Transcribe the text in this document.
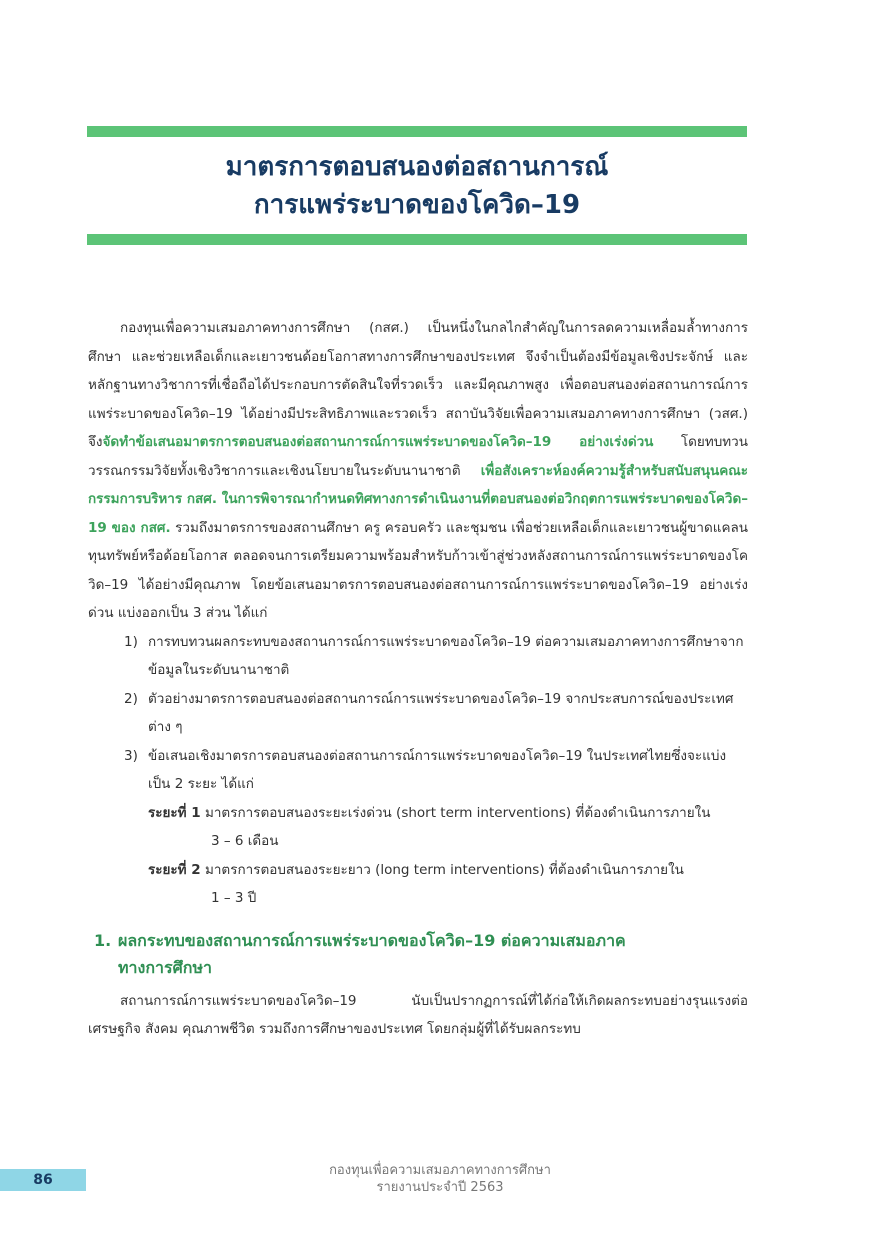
มาตรการตอบสนองต่อสถานการณ์
การแพร่ระบาดของโควิด–19

กองทุนเพื่อความเสมอภาคทางการศึกษา (กสศ.) เป็นหนึ่งในกลไกสำคัญในการลดความเหลื่อมล้ำทางการศึกษา และช่วยเหลือเด็กและเยาวชนด้อยโอกาสทางการศึกษาของประเทศ จึงจำเป็นต้องมีข้อมูลเชิงประจักษ์ และหลักฐานทางวิชาการที่เชื่อถือได้ประกอบการตัดสินใจที่รวดเร็ว และมีคุณภาพสูง เพื่อตอบสนองต่อสถานการณ์การแพร่ระบาดของโควิด–19 ได้อย่างมีประสิทธิภาพและรวดเร็ว สถาบันวิจัยเพื่อความเสมอภาคทางการศึกษา (วสศ.) จึงจัดทำข้อเสนอมาตรการตอบสนองต่อสถานการณ์การแพร่ระบาดของโควิด–19 อย่างเร่งด่วน โดยทบทวนวรรณกรรมวิจัยทั้งเชิงวิชาการและเชิงนโยบายในระดับนานาชาติ เพื่อสังเคราะห์องค์ความรู้สำหรับสนับสนุนคณะกรรมการบริหาร กสศ. ในการพิจารณากำหนดทิศทางการดำเนินงานที่ตอบสนองต่อวิกฤตการแพร่ระบาดของโควิด–19 ของ กสศ. รวมถึงมาตรการของสถานศึกษา ครู ครอบครัว และชุมชน เพื่อช่วยเหลือเด็กและเยาวชนผู้ขาดแคลนทุนทรัพย์หรือด้อยโอกาส ตลอดจนการเตรียมความพร้อมสำหรับก้าวเข้าสู่ช่วงหลังสถานการณ์การแพร่ระบาดของโควิด–19 ได้อย่างมีคุณภาพ โดยข้อเสนอมาตรการตอบสนองต่อสถานการณ์การแพร่ระบาดของโควิด–19 อย่างเร่งด่วน แบ่งออกเป็น 3 ส่วน ได้แก่

1) การทบทวนผลกระทบของสถานการณ์การแพร่ระบาดของโควิด–19 ต่อความเสมอภาคทางการศึกษาจากข้อมูลในระดับนานาชาติ
2) ตัวอย่างมาตรการตอบสนองต่อสถานการณ์การแพร่ระบาดของโควิด–19 จากประสบการณ์ของประเทศต่าง ๆ
3) ข้อเสนอเชิงมาตรการตอบสนองต่อสถานการณ์การแพร่ระบาดของโควิด–19 ในประเทศไทยซึ่งจะแบ่งเป็น 2 ระยะ ได้แก่
ระยะที่ 1 มาตรการตอบสนองระยะเร่งด่วน (short term interventions) ที่ต้องดำเนินการภายใน
3 – 6 เดือน
ระยะที่ 2 มาตรการตอบสนองระยะยาว (long term interventions) ที่ต้องดำเนินการภายใน
1 – 3 ปี
1. ผลกระทบของสถานการณ์การแพร่ระบาดของโควิด–19 ต่อความเสมอภาค
ทางการศึกษา

สถานการณ์การแพร่ระบาดของโควิด–19 นับเป็นปรากฏการณ์ที่ได้ก่อให้เกิดผลกระทบอย่างรุนแรงต่อเศรษฐกิจ สังคม คุณภาพชีวิต รวมถึงการศึกษาของประเทศ โดยกลุ่มผู้ที่ได้รับผลกระทบ

86
กองทุนเพื่อความเสมอภาคทางการศึกษา
รายงานประจำปี 2563
